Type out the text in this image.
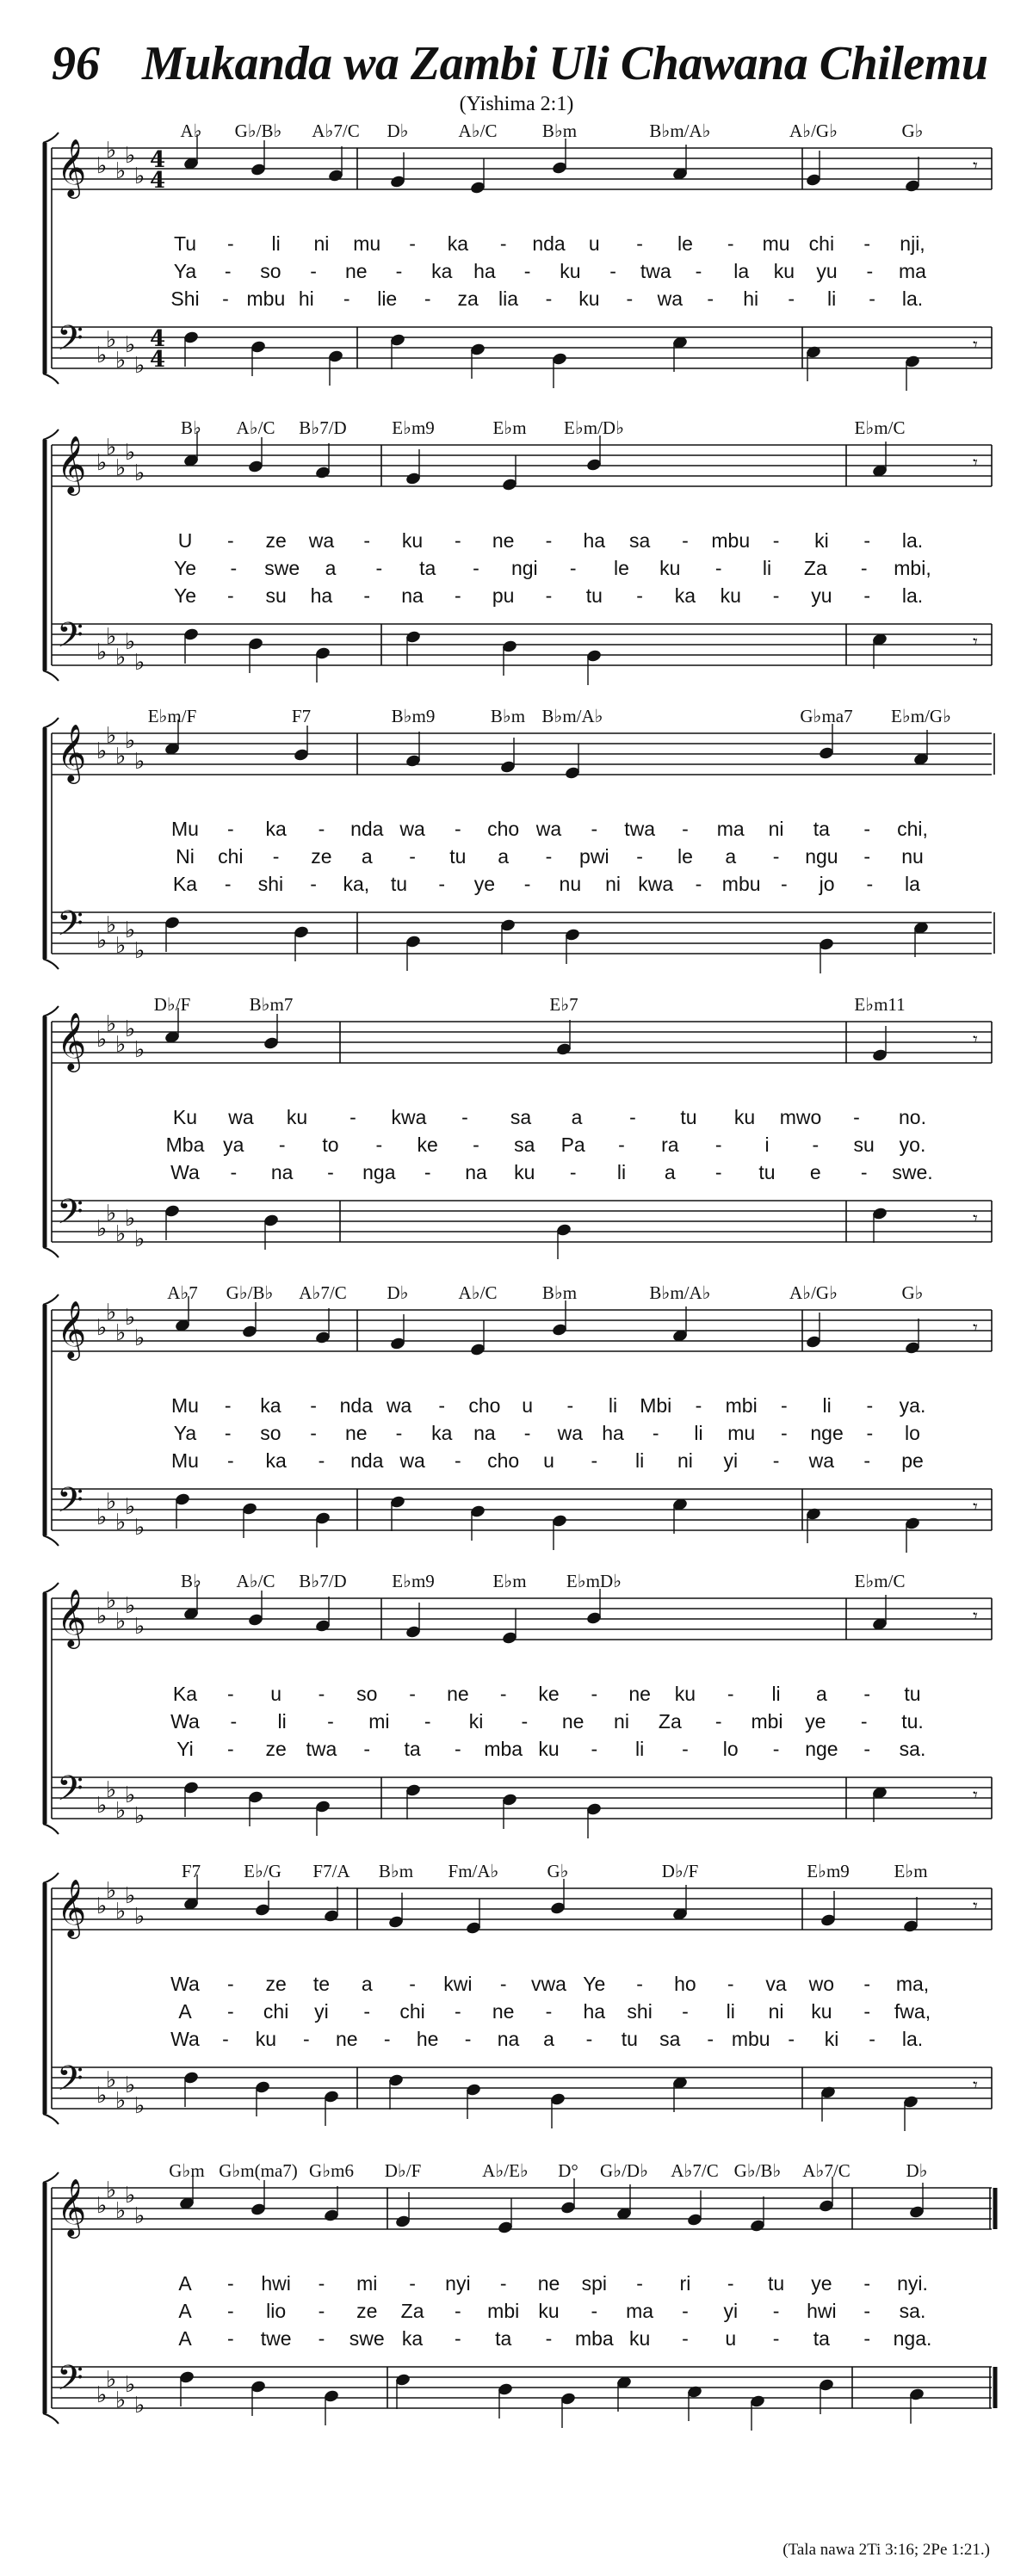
96 Mukanda wa Zambi Uli Chawana Chilemu
(Yishima 2:1)
𝄞
𝄢
♭
♭
♭
♭
♭
♭
♭
♭
♭
♭
4
4
4
4
𝄾
𝄾
A♭ G♭/B♭ A♭7/C D♭	A♭/C B♭m	B♭m/A♭	A♭/G♭	G♭
Tu - li ni mu - ka - nda u - le - mu chi - nji,
Ya - so - ne - ka ha - ku - twa - la ku yu - ma
Shi - mbu hi - lie - za lia - ku - wa - hi - li - la.
𝄞
𝄢
♭
♭
♭
♭
♭
♭
♭
♭
♭
♭
𝄾
𝄾
B♭ A♭/C B♭7/D	E♭m9	E♭m E♭m/D♭	E♭m/C
U - ze wa - ku - ne - ha sa - mbu - ki - la.
Ye - swe a - ta - ngi - le ku - li Za - mbi,
Ye - su ha - na - pu - tu - ka ku - yu - la.
𝄞
𝄢
♭
♭
♭
♭
♭
♭
♭
♭
♭
♭
E♭m/F	F7	B♭m9	B♭m B♭m/A♭	G♭ma7 E♭m/G♭
Mu - ka - nda wa - cho wa - twa - ma ni ta - chi,
Ni chi - ze a - tu a - pwi - le a - ngu - nu
Ka - shi - ka, tu - ye - nu ni kwa - mbu - jo - la
𝄞
𝄢
♭
♭
♭
♭
♭
♭
♭
♭
♭
♭
𝄾
𝄾
D♭/F	B♭m7	E♭7	E♭m11
Ku wa ku - kwa - sa a - tu ku mwo - no.
Mba ya - to - ke - sa Pa - ra - i - su yo.
Wa - na - nga - na ku - li a - tu e - swe.
𝄞
𝄢
♭
♭
♭
♭
♭
♭
♭
♭
♭
♭
𝄾
𝄾
A♭7 G♭/B♭ A♭7/C D♭	A♭/C B♭m	B♭m/A♭	A♭/G♭	G♭
Mu - ka - nda wa - cho u - li Mbi - mbi - li - ya.
Ya - so - ne - ka na - wa ha - li mu - nge - lo
Mu - ka - nda wa - cho u - li ni yi - wa - pe
𝄞
𝄢
♭
♭
♭
♭
♭
♭
♭
♭
♭
♭
𝄾
𝄾
B♭ A♭/C B♭7/D	E♭m9	E♭m E♭mD♭	E♭m/C
Ka - u - so - ne - ke - ne ku - li a - tu
Wa - li - mi - ki - ne ni Za - mbi ye - tu.
Yi - ze twa - ta - mba ku - li - lo - nge - sa.
𝄞
𝄢
♭
♭
♭
♭
♭
♭
♭
♭
♭
♭
𝄾
𝄾
F7 E♭/G F7/A B♭m Fm/A♭	G♭	D♭/F	E♭m9 E♭m
Wa - ze te a - kwi - vwa Ye - ho - va wo - ma,
A - chi yi - chi - ne - ha shi - li ni ku - fwa,
Wa - ku - ne - he - na a - tu sa - mbu - ki - la.
𝄞
𝄢
♭
♭
♭
♭
♭
♭
♭
♭
♭
♭
G♭m G♭m(ma7) G♭m6 D♭/F	A♭/E♭ D° G♭/D♭ A♭7/C G♭/B♭ A♭7/C	D♭
A - hwi - mi - nyi - ne spi - ri - tu ye - nyi.
A - lio - ze Za - mbi ku - ma - yi - hwi - sa.
A - twe - swe ka - ta - mba ku - u - ta - nga.
(Tala nawa 2Ti 3:16; 2Pe 1:21.)
